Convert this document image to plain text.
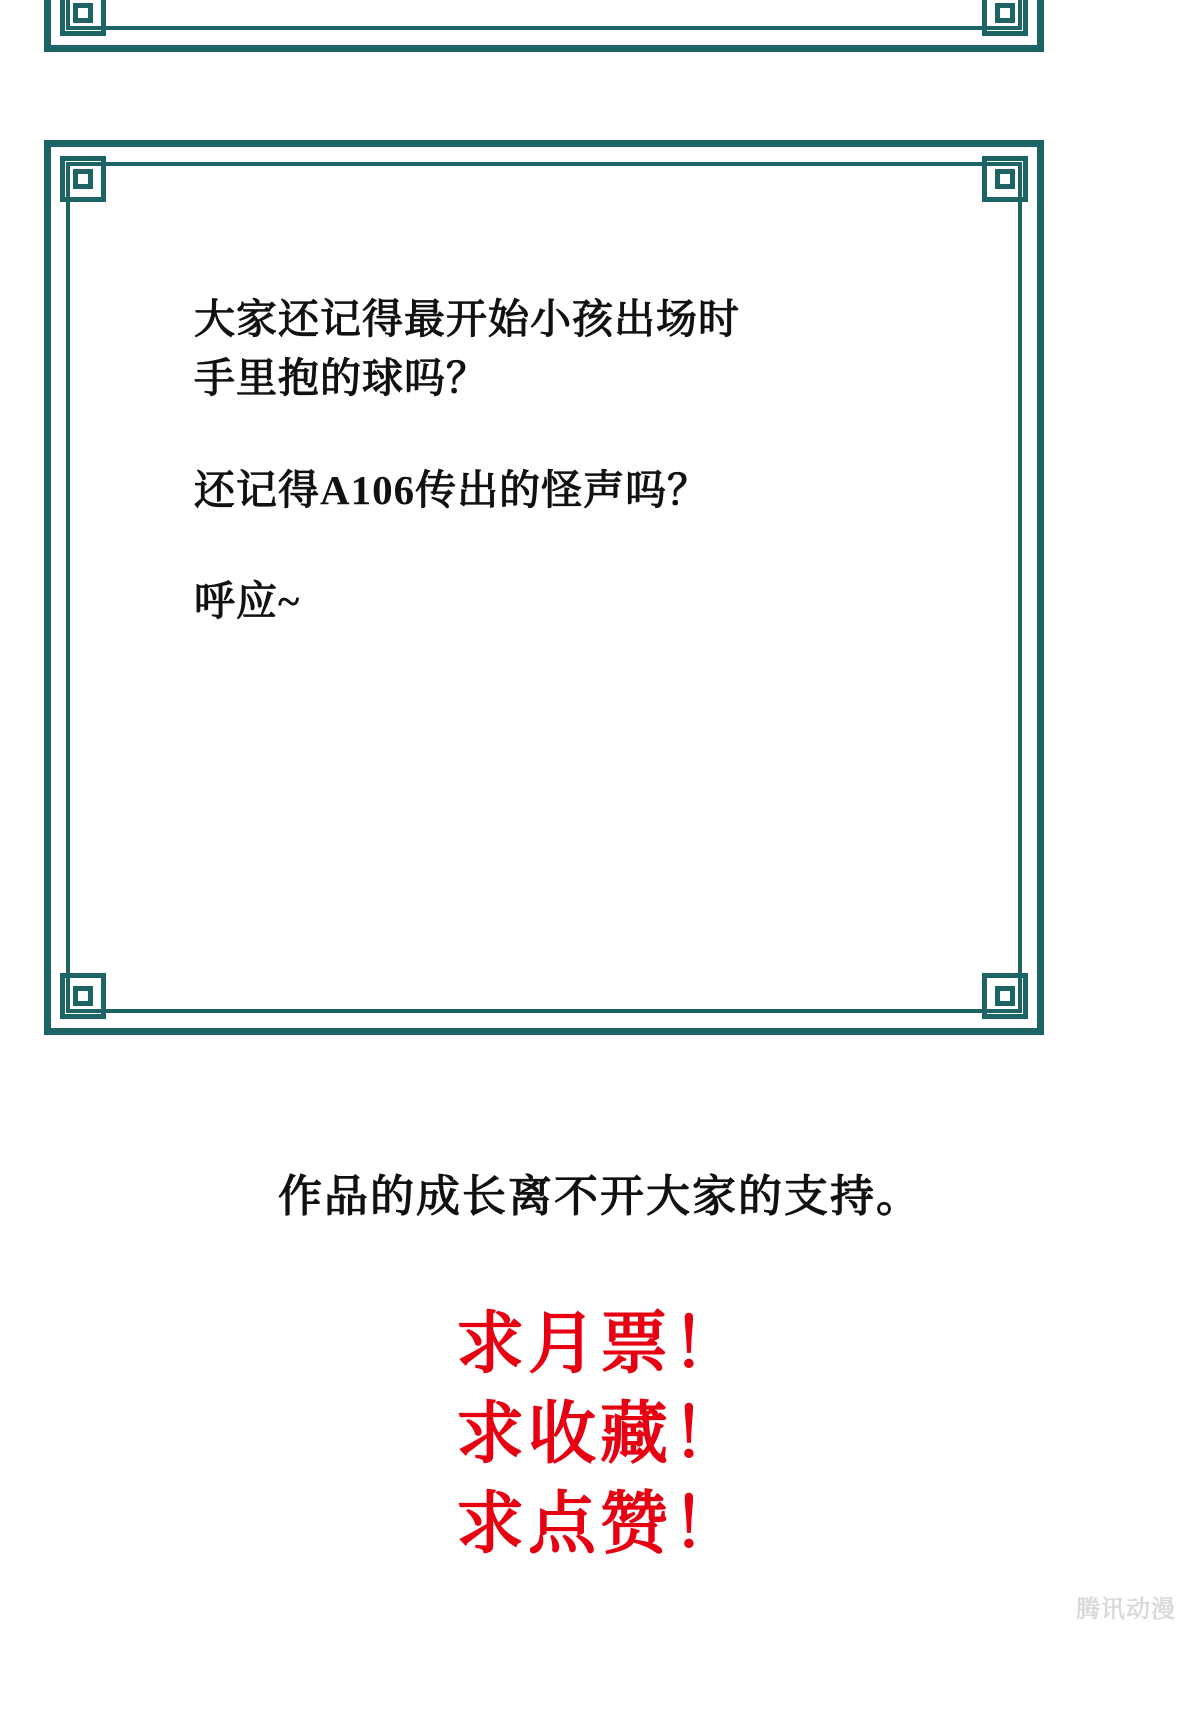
大家还记得最开始小孩出场时
手里抱的球吗？
还记得A106传出的怪声吗？
呼应~
作品的成长离不开大家的支持。
求月票！
求收藏！
求点赞！
腾讯动漫
